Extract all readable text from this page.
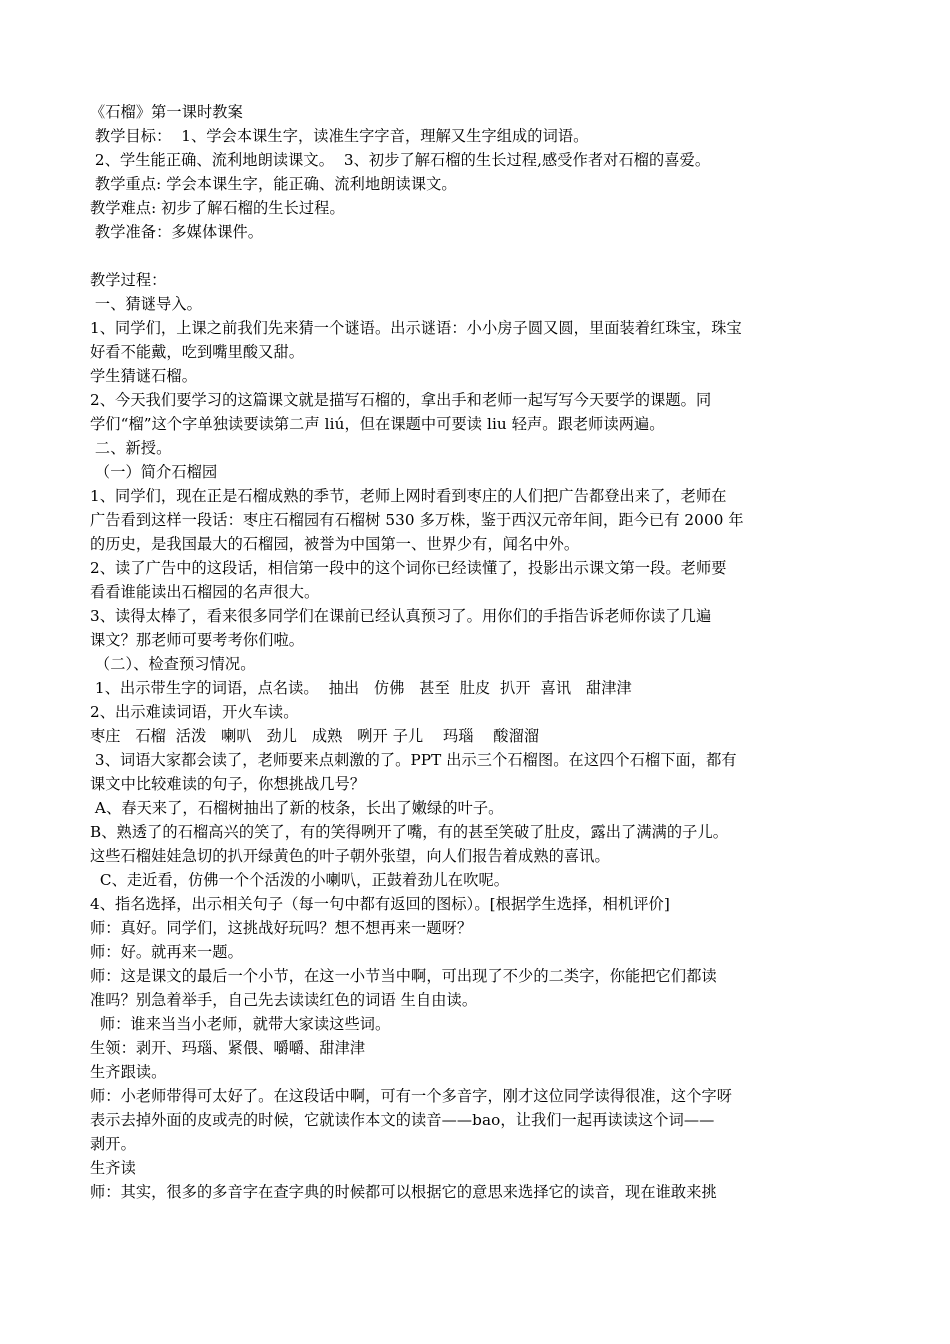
《石榴》第一课时教案
教学目标：  1、学会本课生字，读准生字字音，理解又生字组成的词语。
2、学生能正确、流利地朗读课文。  3、初步了解石榴的生长过程,感受作者对石榴的喜爱。
教学重点: 学会本课生字，能正确、流利地朗读课文。
教学难点: 初步了解石榴的生长过程。
教学准备：多媒体课件。
教学过程：
一、猜谜导入。
1、同学们，上课之前我们先来猜一个谜语。出示谜语：小小房子圆又圆，里面装着红珠宝，珠宝
好看不能戴，吃到嘴里酸又甜。
学生猜谜石榴。
2、今天我们要学习的这篇课文就是描写石榴的，拿出手和老师一起写写今天要学的课题。同
学们“榴”这个字单独读要读第二声 liú，但在课题中可要读 liu 轻声。跟老师读两遍。
二、新授。
（一）简介石榴园
1、同学们，现在正是石榴成熟的季节，老师上网时看到枣庄的人们把广告都登出来了，老师在
广告看到这样一段话：枣庄石榴园有石榴树 530 多万株，鉴于西汉元帝年间，距今已有 2000 年
的历史，是我国最大的石榴园，被誉为中国第一、世界少有，闻名中外。
2、读了广告中的这段话，相信第一段中的这个词你已经读懂了，投影出示课文第一段。老师要
看看谁能读出石榴园的名声很大。
3、读得太棒了，看来很多同学们在课前已经认真预习了。用你们的手指告诉老师你读了几遍
课文？那老师可要考考你们啦。
（二）、检查预习情况。
1、出示带生字的词语，点名读。  抽出   仿佛   甚至  肚皮  扒开  喜讯   甜津津
2、出示难读词语，开火车读。
枣庄   石榴  活泼   喇叭   劲儿   成熟   咧开 子儿    玛瑙    酸溜溜
3、词语大家都会读了，老师要来点刺激的了。PPT 出示三个石榴图。在这四个石榴下面，都有
课文中比较难读的句子，你想挑战几号？
A、春天来了，石榴树抽出了新的枝条，长出了嫩绿的叶子。
B、熟透了的石榴高兴的笑了，有的笑得咧开了嘴，有的甚至笑破了肚皮，露出了满满的子儿。
这些石榴娃娃急切的扒开绿黄色的叶子朝外张望，向人们报告着成熟的喜讯。
C、走近看，仿佛一个个活泼的小喇叭，正鼓着劲儿在吹呢。
4、指名选择，出示相关句子（每一句中都有返回的图标）。[根据学生选择，相机评价]
师：真好。同学们，这挑战好玩吗？想不想再来一题呀？
师：好。就再来一题。
师：这是课文的最后一个小节，在这一小节当中啊，可出现了不少的二类字，你能把它们都读
准吗？别急着举手，自己先去读读红色的词语 生自由读。
师：谁来当当小老师，就带大家读这些词。
生领：剥开、玛瑙、紧偎、嚼嚼、甜津津
生齐跟读。
师：小老师带得可太好了。在这段话中啊，可有一个多音字，刚才这位同学读得很准，这个字呀
表示去掉外面的皮或壳的时候，它就读作本文的读音——bao，让我们一起再读读这个词——
剥开。
生齐读
师：其实，很多的多音字在查字典的时候都可以根据它的意思来选择它的读音，现在谁敢来挑
